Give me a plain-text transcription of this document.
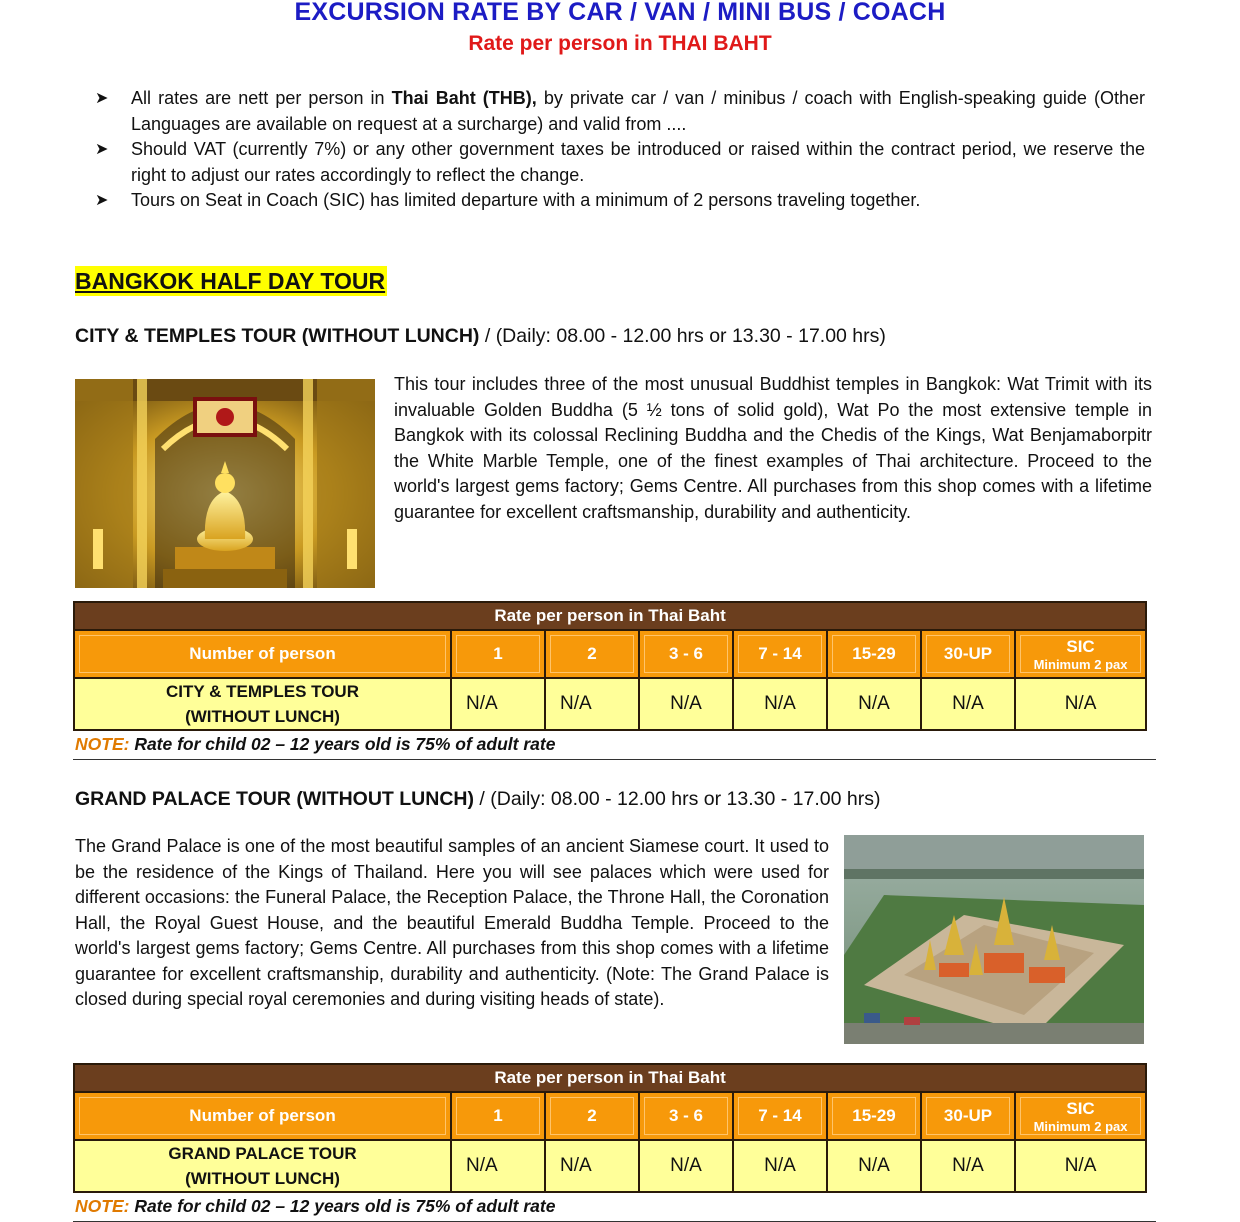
EXCURSION RATE BY CAR / VAN / MINI BUS / COACH
Rate per person in THAI BAHT
➤	All rates are nett per person in Thai Baht (THB), by private car / van / minibus / coach with English-speaking guide (Other Languages are available on request at a surcharge) and valid from ....
➤	Should VAT (currently 7%) or any other government taxes be introduced or raised within the contract period, we reserve the right to adjust our rates accordingly to reflect the change.
➤	Tours on Seat in Coach (SIC) has limited departure with a minimum of 2 persons traveling together.
BANGKOK HALF DAY TOUR
CITY & TEMPLES TOUR (WITHOUT LUNCH) / (Daily: 08.00 - 12.00 hrs or 13.30 - 17.00 hrs)
This tour includes three of the most unusual Buddhist temples in Bangkok: Wat Trimit with its invaluable Golden Buddha (5 ½ tons of solid gold), Wat Po the most extensive temple in Bangkok with its colossal Reclining Buddha and the Chedis of the Kings, Wat Benjamaborpitr the White Marble Temple, one of the finest examples of Thai architecture. Proceed to the world's largest gems factory; Gems Centre. All purchases from this shop comes with a lifetime guarantee for excellent craftsmanship, durability and authenticity.
Rate per person in Thai Baht							
Number of person	1	2	3 - 6	7 - 14	15-29	30-UP	SIC
Minimum 2 pax

CITY & TEMPLES TOUR
(WITHOUT LUNCH)	N/A	N/A	N/A	N/A	N/A	N/A	N/A
NOTE: Rate for child 02 – 12 years old is 75% of adult rate
GRAND PALACE TOUR (WITHOUT LUNCH) / (Daily: 08.00 - 12.00 hrs or 13.30 - 17.00 hrs)
The Grand Palace is one of the most beautiful samples of an ancient Siamese court. It used to be the residence of the Kings of Thailand. Here you will see palaces which were used for different occasions: the Funeral Palace, the Reception Palace, the Throne Hall, the Coronation Hall, the Royal Guest House, and the beautiful Emerald Buddha Temple. Proceed to the world's largest gems factory; Gems Centre. All purchases from this shop comes with a lifetime guarantee for excellent craftsmanship, durability and authenticity. (Note: The Grand Palace is closed during special royal ceremonies and during visiting heads of state).
Rate per person in Thai Baht							
Number of person	1	2	3 - 6	7 - 14	15-29	30-UP	SIC
Minimum 2 pax

GRAND PALACE TOUR
(WITHOUT LUNCH)	N/A	N/A	N/A	N/A	N/A	N/A	N/A
NOTE: Rate for child 02 – 12 years old is 75% of adult rate
